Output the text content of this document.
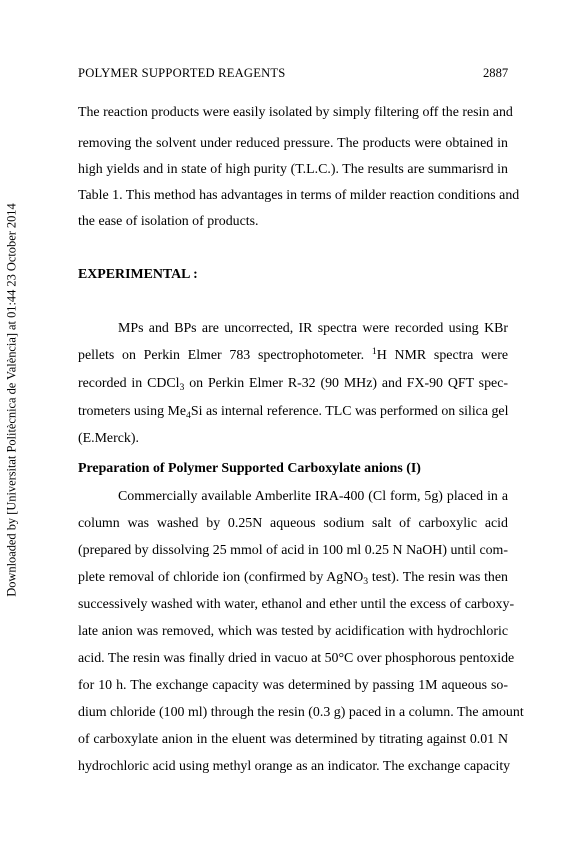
POLYMER SUPPORTED REAGENTS	2887
Downloaded by [Universitat Politècnica de València] at 01:44 23 October 2014
The reaction products were easily isolated by simply filtering off the resin and
removing the solvent under reduced pressure. The products were obtained in
high yields and in state of high purity (T.L.C.). The results are summarisrd in
Table 1. This method has advantages in terms of milder reaction conditions and
the ease of isolation of products.
EXPERIMENTAL :
MPs and BPs are uncorrected, IR spectra were recorded using KBr
pellets on Perkin Elmer 783 spectrophotometer. $^1$H NMR spectra were
recorded in CDCl$_3$ on Perkin Elmer R-32 (90 MHz) and FX-90 QFT spec-
trometers using $Me_4Si$ as internal reference. TLC was performed on silica gel
(E.Merck).
Preparation of Polymer Supported Carboxylate anions (I)
Commercially available Amberlite IRA-400 (Cl form, 5g) placed in a
column was washed by 0.25N aqueous sodium salt of carboxylic acid
(prepared by dissolving 25 mmol of acid in 100 ml 0.25 N NaOH) until com-
plete removal of chloride ion (confirmed by AgNO$_3$ test). The resin was then
successively washed with water, ethanol and ether until the excess of carboxy-
late anion was removed, which was tested by acidification with hydrochloric
acid. The resin was finally dried in vacuo at 50°C over phosphorous pentoxide
for 10 h. The exchange capacity was determined by passing 1M aqueous so-
dium chloride (100 ml) through the resin (0.3 g) paced in a column. The amount
of carboxylate anion in the eluent was determined by titrating against 0.01 N
hydrochloric acid using methyl orange as an indicator. The exchange capacity
